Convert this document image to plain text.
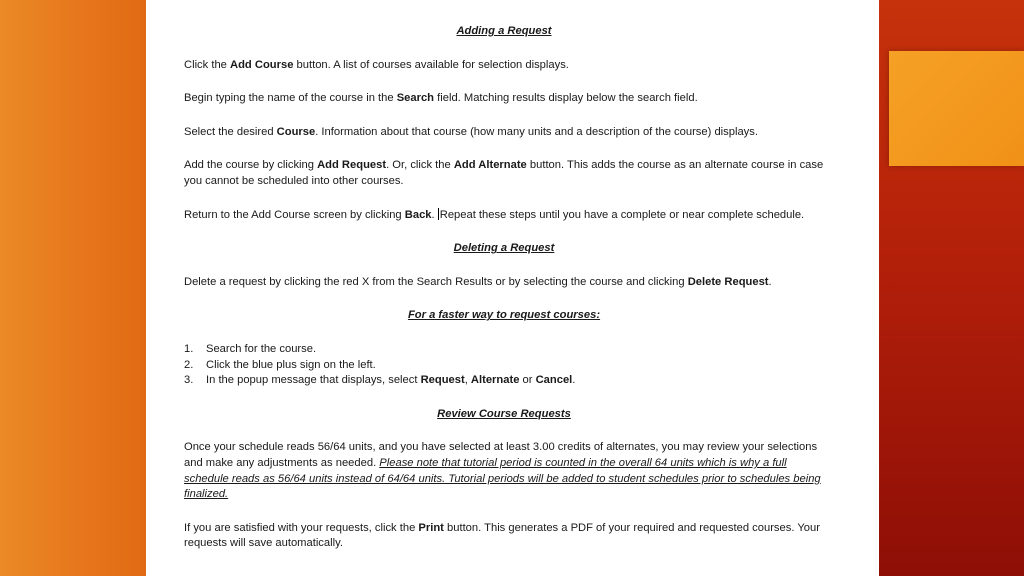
Adding a Request

Click the Add Course button. A list of courses available for selection displays.

Begin typing the name of the course in the Search field. Matching results display below the search field.

Select the desired Course. Information about that course (how many units and a description of the course) displays.

Add the course by clicking Add Request. Or, click the Add Alternate button. This adds the course as an alternate course in case you cannot be scheduled into other courses.

Return to the Add Course screen by clicking Back. Repeat these steps until you have a complete or near complete schedule.

Deleting a Request

Delete a request by clicking the red X from the Search Results or by selecting the course and clicking Delete Request.

For a faster way to request courses:
1. Search for the course.
2. Click the blue plus sign on the left.
3. In the popup message that displays, select Request, Alternate or Cancel.
Review Course Requests

Once your schedule reads 56/64 units, and you have selected at least 3.00 credits of alternates, you may review your selections and make any adjustments as needed. Please note that tutorial period is counted in the overall 64 units which is why a full schedule reads as 56/64 units instead of 64/64 units. Tutorial periods will be added to student schedules prior to schedules being finalized.

If you are satisfied with your requests, click the Print button. This generates a PDF of your required and requested courses. Your requests will save automatically.
